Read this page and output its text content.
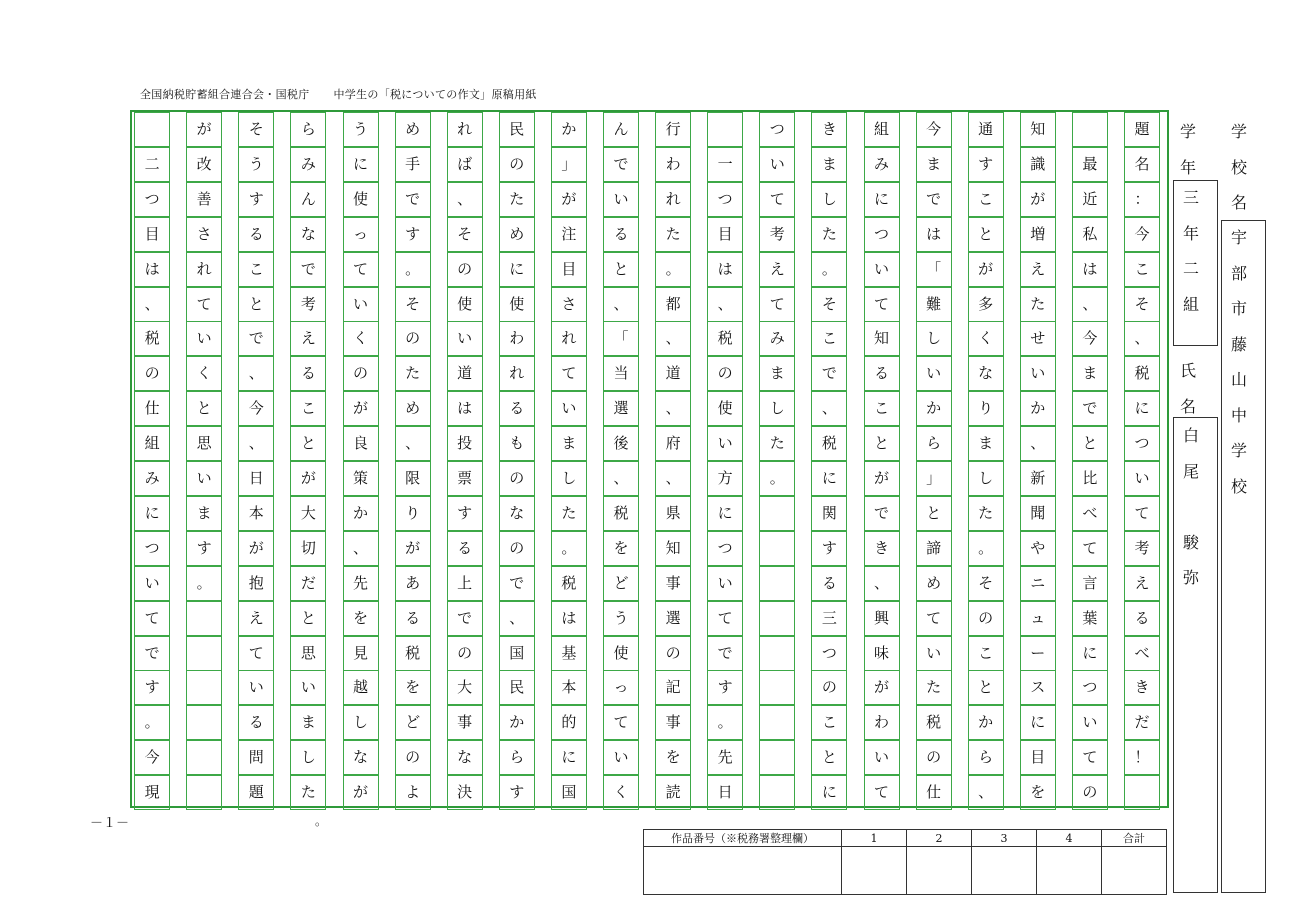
全国納税貯蓄組合連合会・国税庁 中学生の「税についての作文」原稿用紙
題
名
：
今
こ
そ
、
税
に
つ
い
て
考
え
る
べ
き
だ
！
最
近
私
は
、
今
ま
で
と
比
べ
て
言
葉
に
つ
い
て
の
知
識
が
増
え
た
せ
い
か
、
新
聞
や
ニ
ュ
ー
ス
に
目
を
通
す
こ
と
が
多
く
な
り
ま
し
た
。
そ
の
こ
と
か
ら
、
今
ま
で
は
「
難
し
い
か
ら
」
と
諦
め
て
い
た
税
の
仕
組
み
に
つ
い
て
知
る
こ
と
が
で
き
、
興
味
が
わ
い
て
き
ま
し
た
。
そ
こ
で
、
税
に
関
す
る
三
つ
の
こ
と
に
つ
い
て
考
え
て
み
ま
し
た
。
一
つ
目
は
、
税
の
使
い
方
に
つ
い
て
で
す
。
先
日
行
わ
れ
た
。
都
、
道
、
府
、
県
知
事
選
の
記
事
を
読
ん
で
い
る
と
、
「
当
選
後
、
税
を
ど
う
使
っ
て
い
く
か
」
が
注
目
さ
れ
て
い
ま
し
た
。
税
は
基
本
的
に
国
民
の
た
め
に
使
わ
れ
る
も
の
な
の
で
、
国
民
か
ら
す
れ
ば
、
そ
の
使
い
道
は
投
票
す
る
上
で
の
大
事
な
決
め
手
で
す
。
そ
の
た
め
、
限
り
が
あ
る
税
を
ど
の
よ
う
に
使
っ
て
い
く
の
が
良
策
か
、
先
を
見
越
し
な
が
ら
み
ん
な
で
考
え
る
こ
と
が
大
切
だ
と
思
い
ま
し
た
そ
う
す
る
こ
と
で
、
今
、
日
本
が
抱
え
て
い
る
問
題
が
改
善
さ
れ
て
い
く
と
思
い
ま
す
。
二
つ
目
は
、
税
の
仕
組
み
に
つ
い
て
で
す
。
今
現
－１－	。
学
年
三
年
二
組
氏
名
白
尾

駿
弥
学
校
名
宇
部
市
藤
山
中
学
校
作品番号（※税務署整理欄）	1	2	3	4	合計
